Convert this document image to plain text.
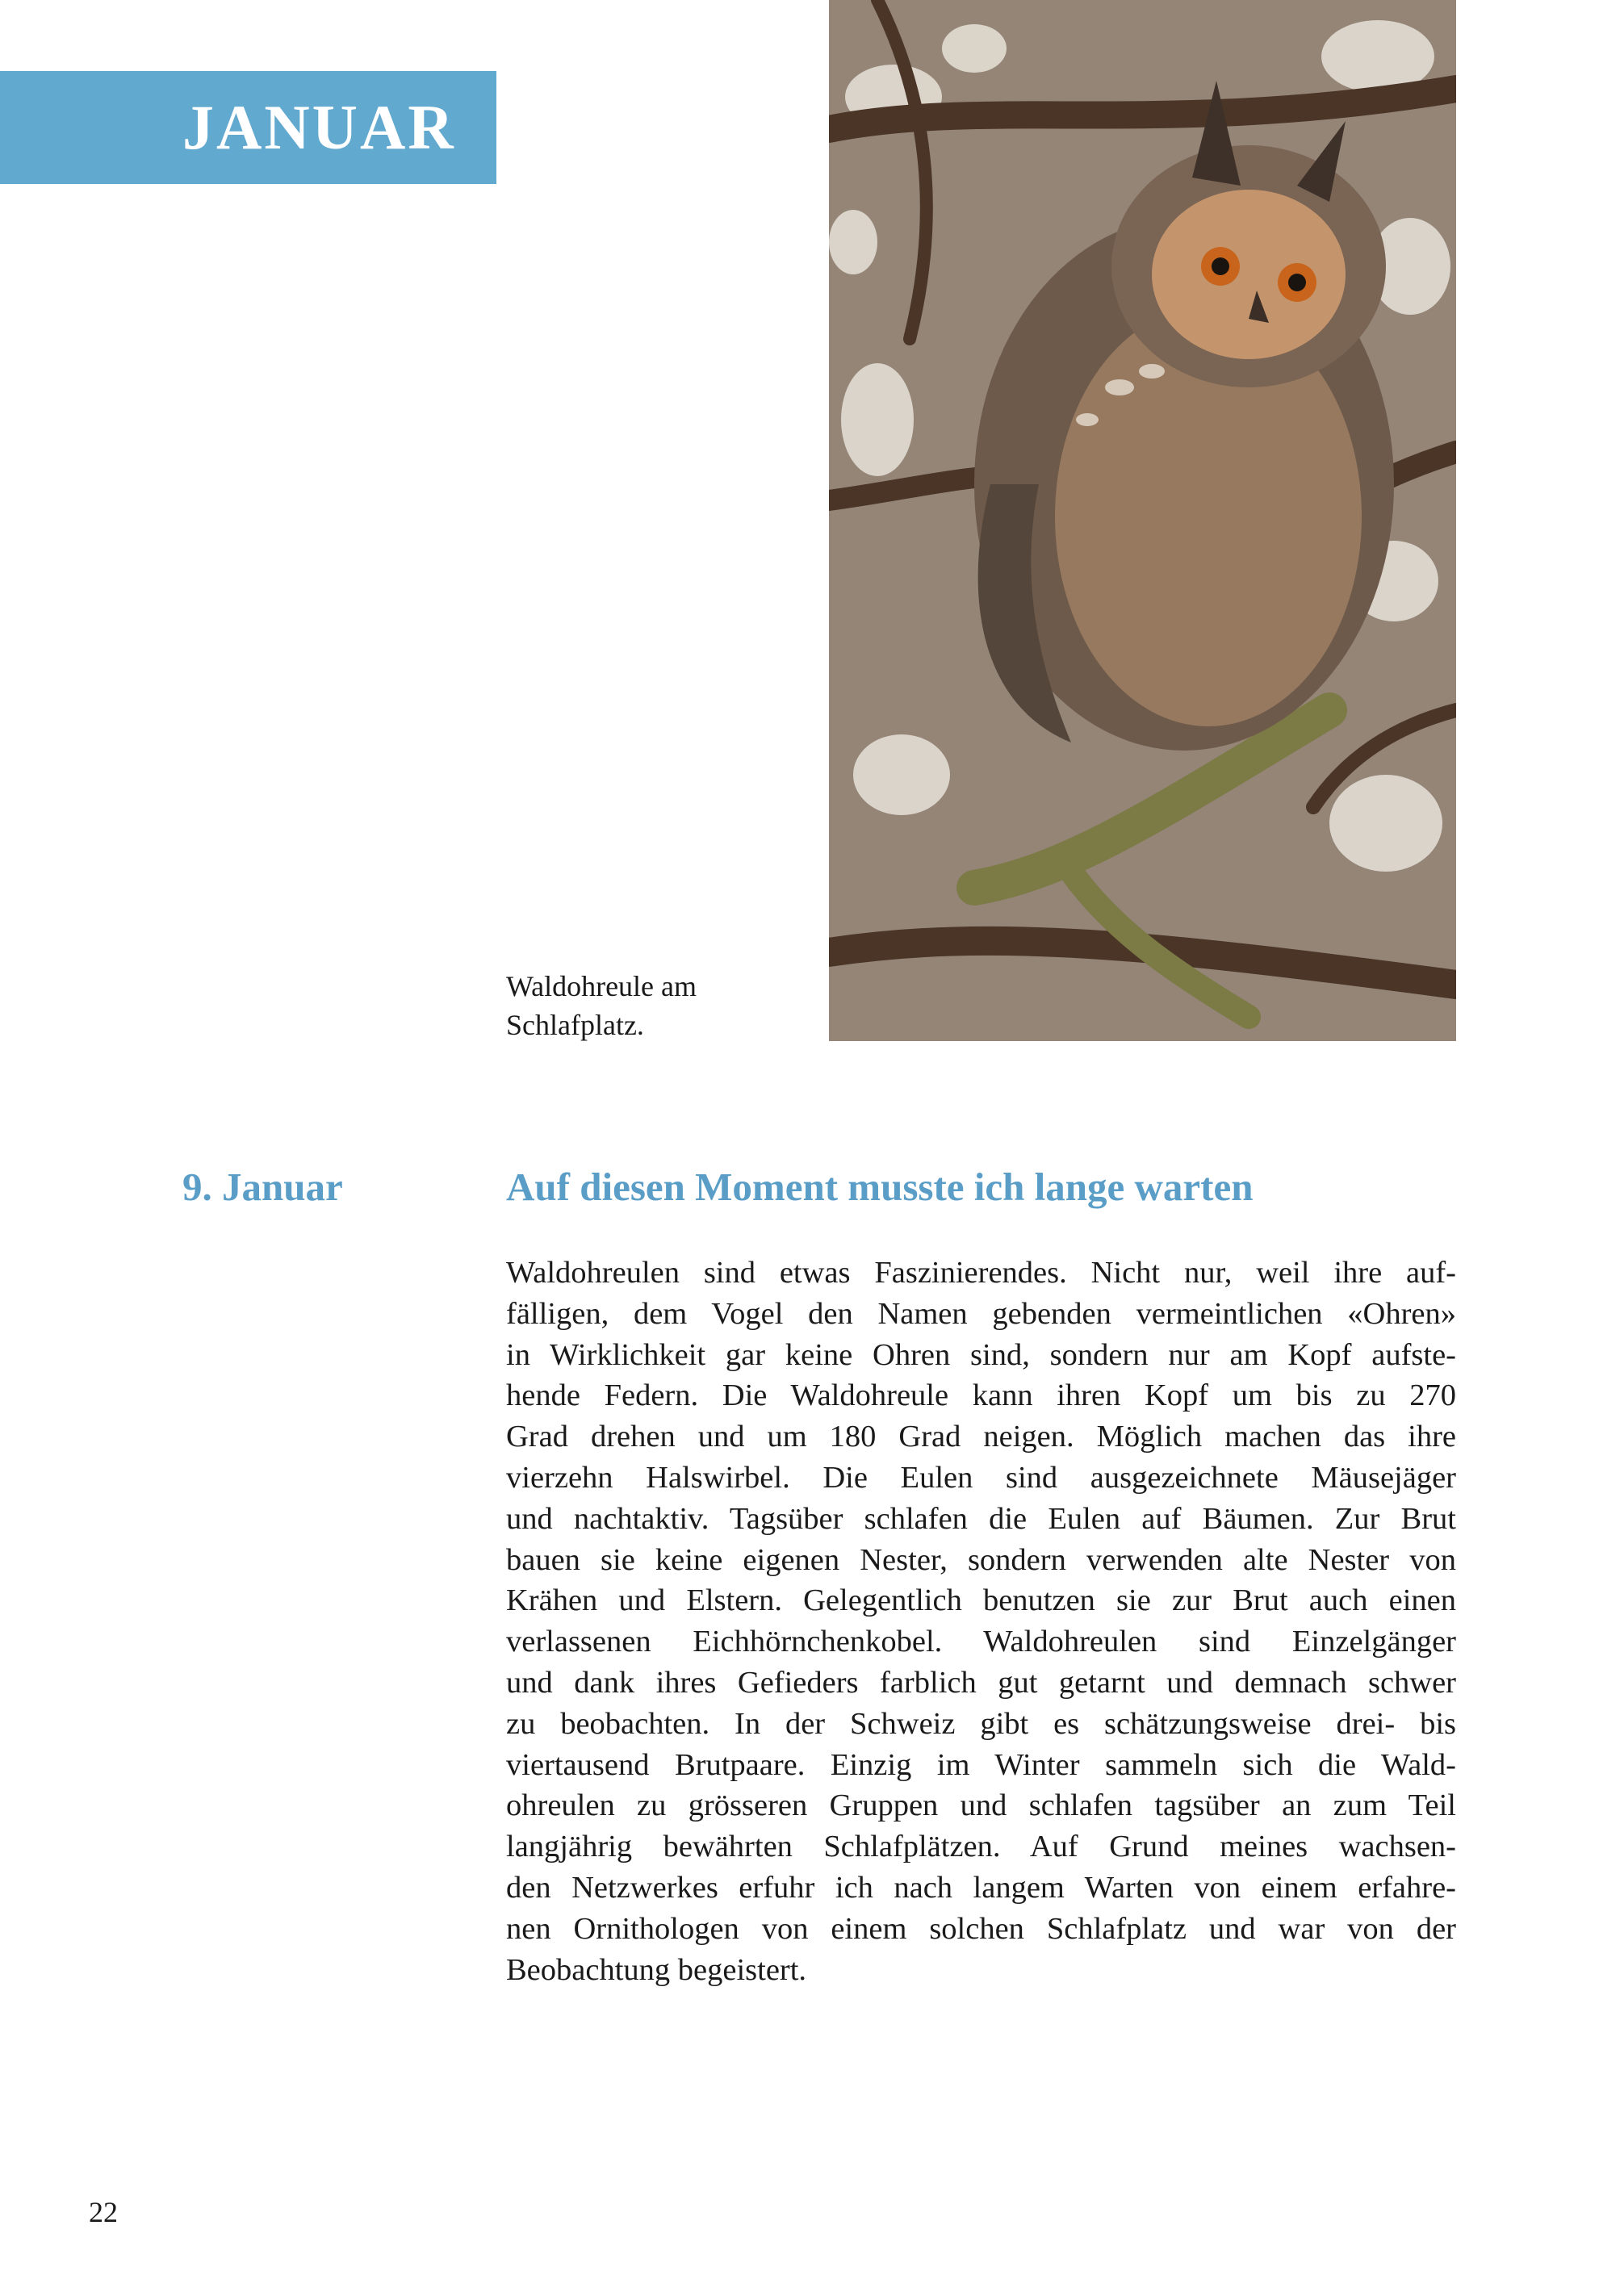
JANUAR
Waldohreule am
Schlafplatz.
9. Januar	Auf diesen Moment musste ich lange warten
Waldohreulen sind etwas Faszinierendes. Nicht nur, weil ihre auf-
fälligen, dem Vogel den Namen gebenden vermeintlichen «Ohren»
in Wirklichkeit gar keine Ohren sind, sondern nur am Kopf aufste-
hende Federn. Die Waldohreule kann ihren Kopf um bis zu 270
Grad drehen und um 180 Grad neigen. Möglich machen das ihre
vierzehn Halswirbel. Die Eulen sind ausgezeichnete Mäusejäger
und nachtaktiv. Tagsüber schlafen die Eulen auf Bäumen. Zur Brut
bauen sie keine eigenen Nester, sondern verwenden alte Nester von
Krähen und Elstern. Gelegentlich benutzen sie zur Brut auch einen
verlassenen Eichhörnchenkobel. Waldohreulen sind Einzelgänger
und dank ihres Gefieders farblich gut getarnt und demnach schwer
zu beobachten. In der Schweiz gibt es schätzungsweise drei- bis
viertausend Brutpaare. Einzig im Winter sammeln sich die Wald-
ohreulen zu grösseren Gruppen und schlafen tagsüber an zum Teil
langjährig bewährten Schlafplätzen. Auf Grund meines wachsen-
den Netzwerkes erfuhr ich nach langem Warten von einem erfahre-
nen Ornithologen von einem solchen Schlafplatz und war von der
Beobachtung begeistert.
22
